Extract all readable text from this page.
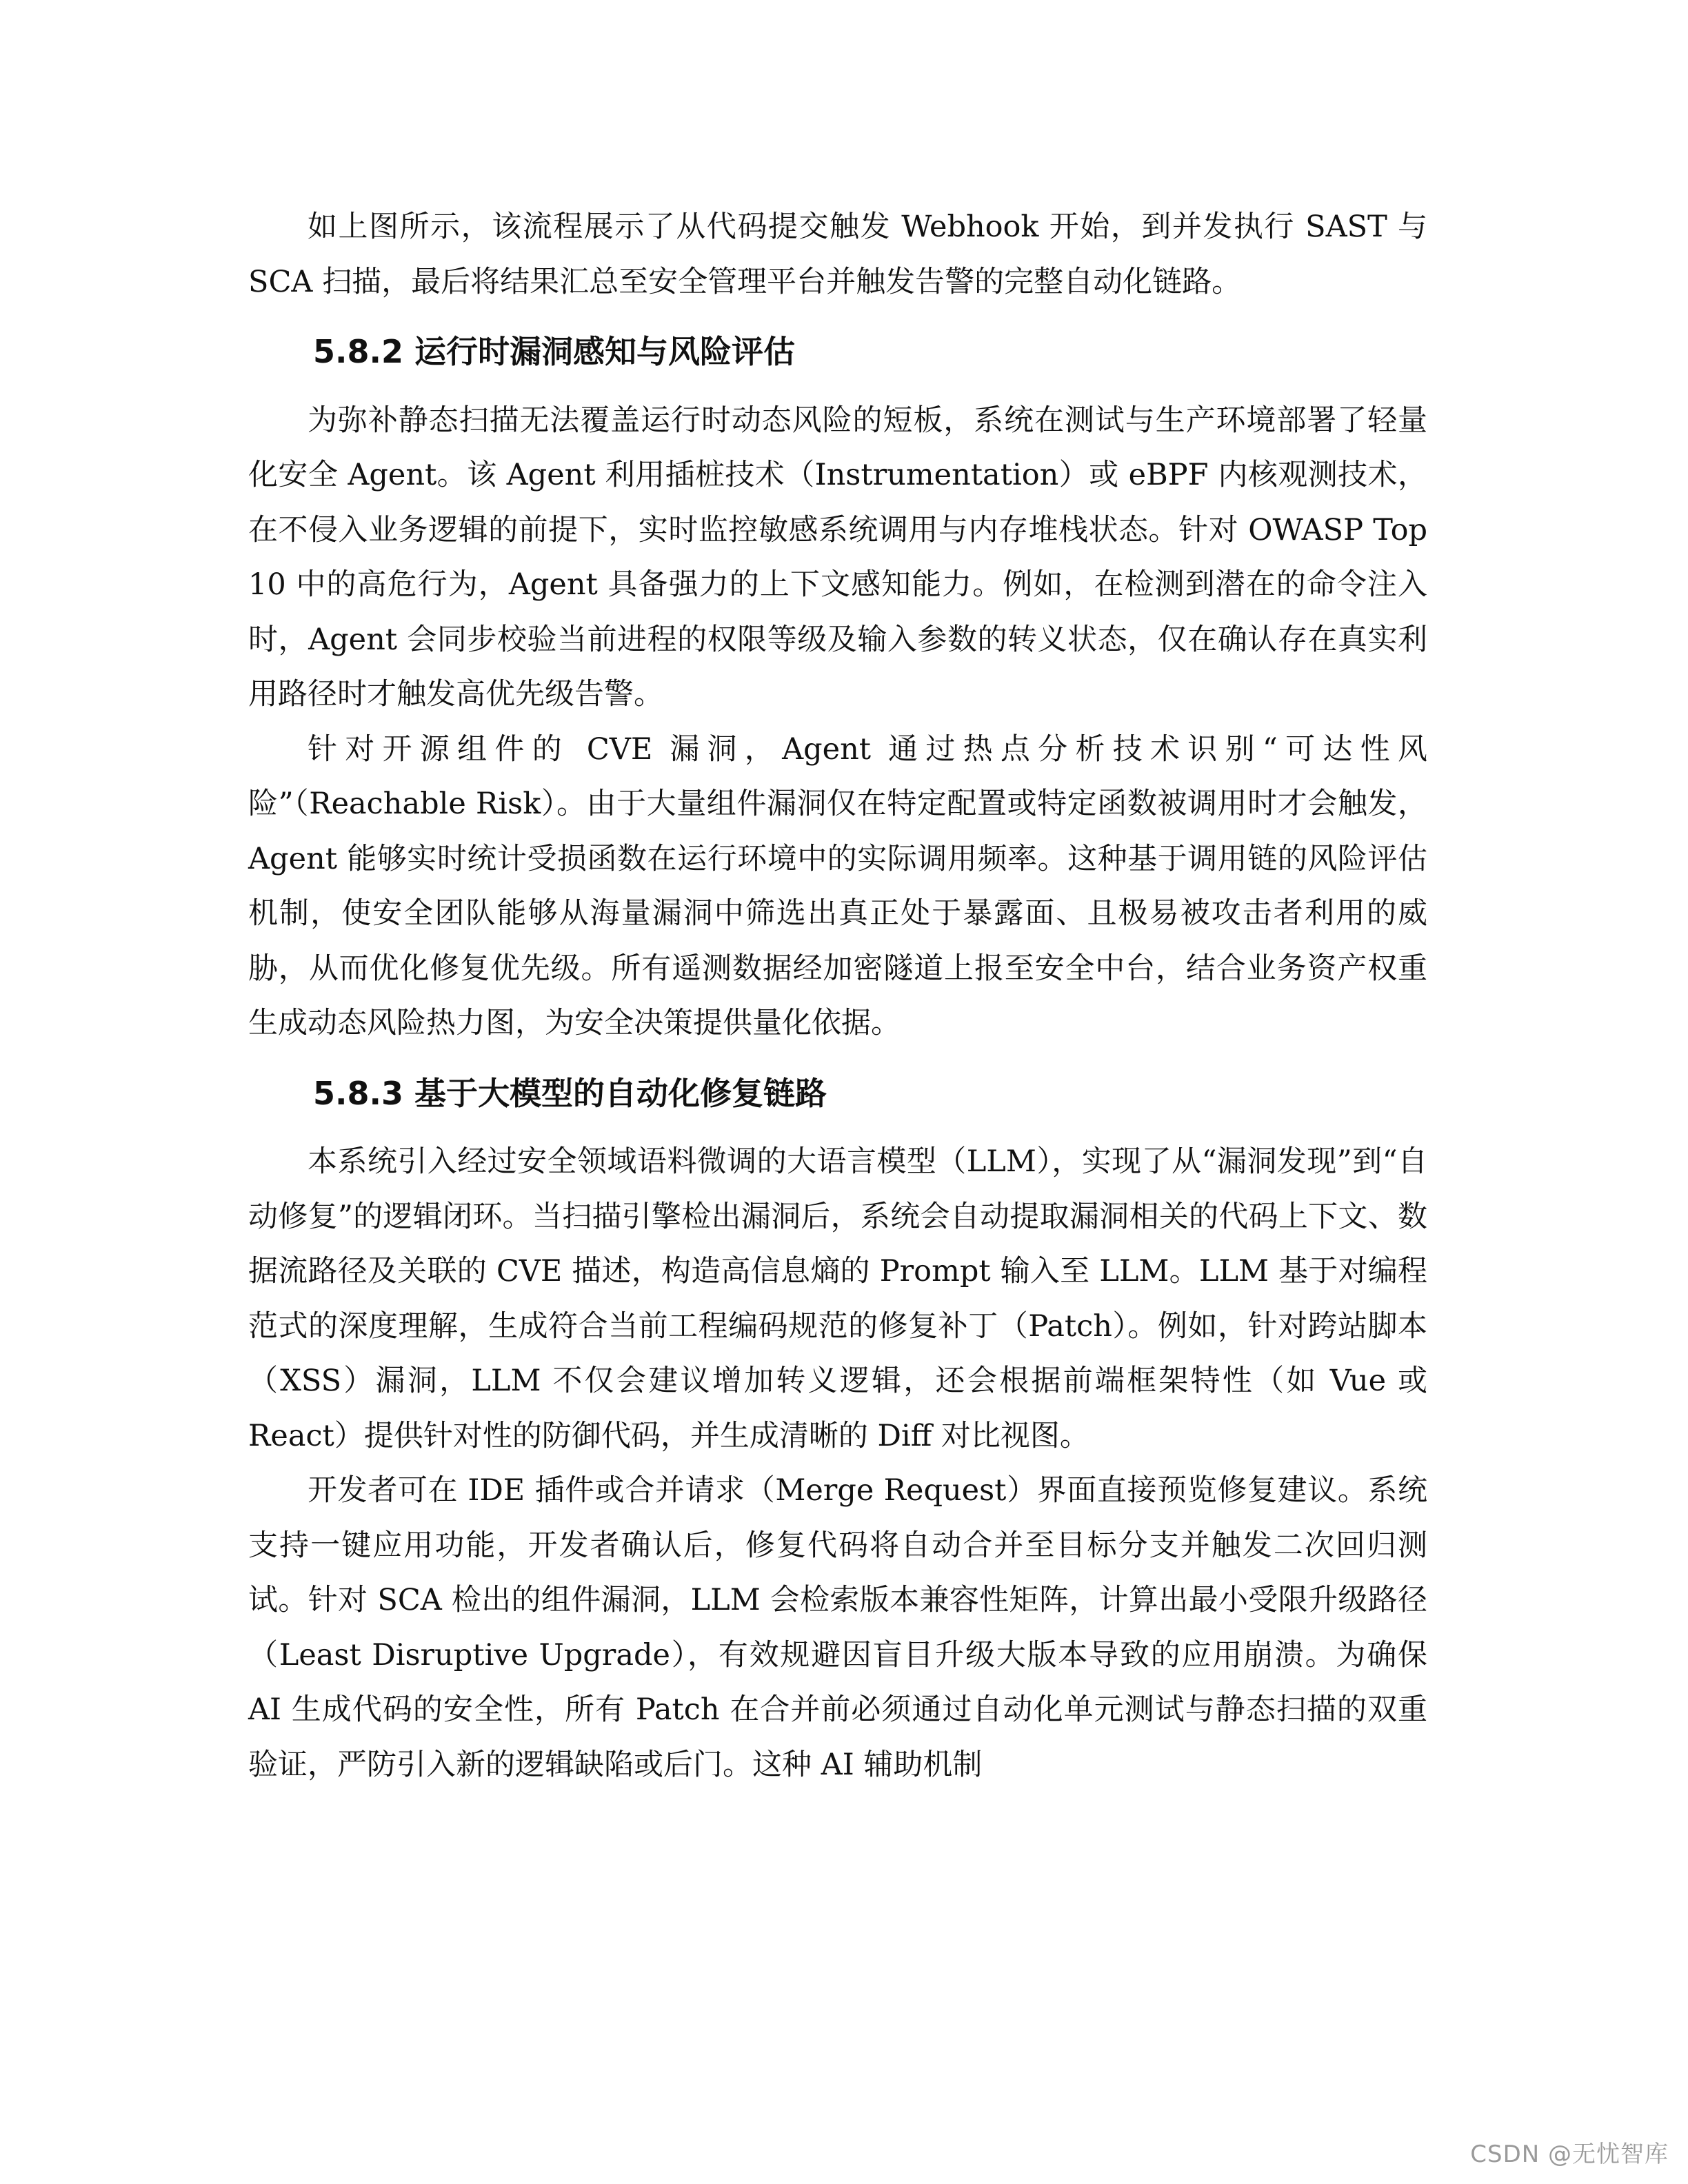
如上图所示，该流程展示了从代码提交触发 Webhook 开始，到并发执行 SAST 与 SCA 扫描，最后将结果汇总至安全管理平台并触发告警的完整自动化链路。

5.8.2 运行时漏洞感知与风险评估

为弥补静态扫描无法覆盖运行时动态风险的短板，系统在测试与生产环境部署了轻量化安全 Agent。该 Agent 利用插桩技术（Instrumentation）或 eBPF 内核观测技术，在不侵入业务逻辑的前提下，实时监控敏感系统调用与内存堆栈状态。针对 OWASP Top 10 中的高危行为，Agent 具备强力的上下文感知能力。例如，在检测到潜在的命令注入时，Agent 会同步校验当前进程的权限等级及输入参数的转义状态，仅在确认存在真实利用路径时才触发高优先级告警。

针对开源组件的 CVE 漏洞，Agent 通过热点分析技术识别“可达性风险”（Reachable Risk）。由于大量组件漏洞仅在特定配置或特定函数被调用时才会触发，Agent 能够实时统计受损函数在运行环境中的实际调用频率。这种基于调用链的风险评估机制，使安全团队能够从海量漏洞中筛选出真正处于暴露面、且极易被攻击者利用的威胁，从而优化修复优先级。所有遥测数据经加密隧道上报至安全中台，结合业务资产权重生成动态风险热力图，为安全决策提供量化依据。

5.8.3 基于大模型的自动化修复链路

本系统引入经过安全领域语料微调的大语言模型（LLM），实现了从“漏洞发现”到“自动修复”的逻辑闭环。当扫描引擎检出漏洞后，系统会自动提取漏洞相关的代码上下文、数据流路径及关联的 CVE 描述，构造高信息熵的 Prompt 输入至 LLM。LLM 基于对编程范式的深度理解，生成符合当前工程编码规范的修复补丁（Patch）。例如，针对跨站脚本（XSS）漏洞，LLM 不仅会建议增加转义逻辑，还会根据前端框架特性（如 Vue 或 React）提供针对性的防御代码，并生成清晰的 Diff 对比视图。

开发者可在 IDE 插件或合并请求（Merge Request）界面直接预览修复建议。系统支持一键应用功能，开发者确认后，修复代码将自动合并至目标分支并触发二次回归测试。针对 SCA 检出的组件漏洞，LLM 会检索版本兼容性矩阵，计算出最小受限升级路径（Least Disruptive Upgrade），有效规避因盲目升级大版本导致的应用崩溃。为确保 AI 生成代码的安全性，所有 Patch 在合并前必须通过自动化单元测试与静态扫描的双重验证，严防引入新的逻辑缺陷或后门。这种 AI 辅助机制

CSDN @无忧智库
